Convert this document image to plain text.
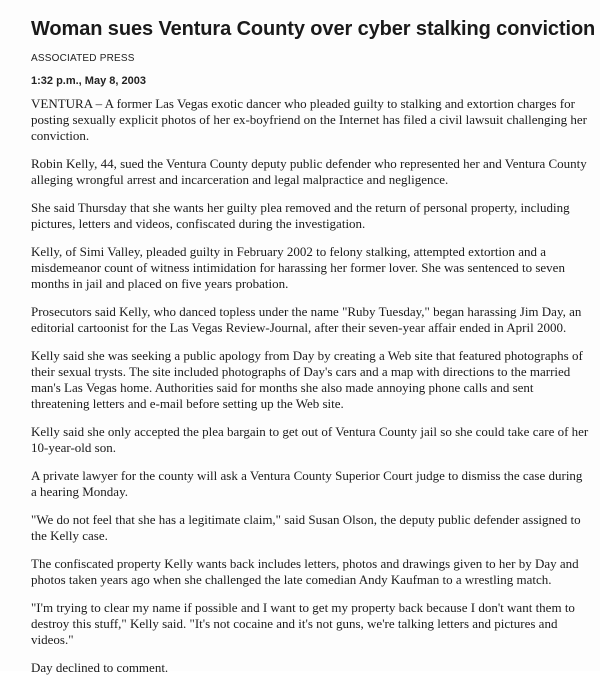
Woman sues Ventura County over cyber stalking conviction
ASSOCIATED PRESS
1:32 p.m., May 8, 2003

VENTURA – A former Las Vegas exotic dancer who pleaded guilty to stalking and extortion charges for posting sexually explicit photos of her ex-boyfriend on the Internet has filed a civil lawsuit challenging her conviction.

Robin Kelly, 44, sued the Ventura County deputy public defender who represented her and Ventura County alleging wrongful arrest and incarceration and legal malpractice and negligence.

She said Thursday that she wants her guilty plea removed and the return of personal property, including pictures, letters and videos, confiscated during the investigation.

Kelly, of Simi Valley, pleaded guilty in February 2002 to felony stalking, attempted extortion and a misdemeanor count of witness intimidation for harassing her former lover. She was sentenced to seven months in jail and placed on five years probation.

Prosecutors said Kelly, who danced topless under the name "Ruby Tuesday," began harassing Jim Day, an editorial cartoonist for the Las Vegas Review-Journal, after their seven-year affair ended in April 2000.

Kelly said she was seeking a public apology from Day by creating a Web site that featured photographs of their sexual trysts. The site included photographs of Day's cars and a map with directions to the married man's Las Vegas home. Authorities said for months she also made annoying phone calls and sent threatening letters and e-mail before setting up the Web site.

Kelly said she only accepted the plea bargain to get out of Ventura County jail so she could take care of her 10-year-old son.

A private lawyer for the county will ask a Ventura County Superior Court judge to dismiss the case during a hearing Monday.

"We do not feel that she has a legitimate claim," said Susan Olson, the deputy public defender assigned to the Kelly case.

The confiscated property Kelly wants back includes letters, photos and drawings given to her by Day and photos taken years ago when she challenged the late comedian Andy Kaufman to a wrestling match.

"I'm trying to clear my name if possible and I want to get my property back because I don't want them to destroy this stuff," Kelly said. "It's not cocaine and it's not guns, we're talking letters and pictures and videos."

Day declined to comment.
